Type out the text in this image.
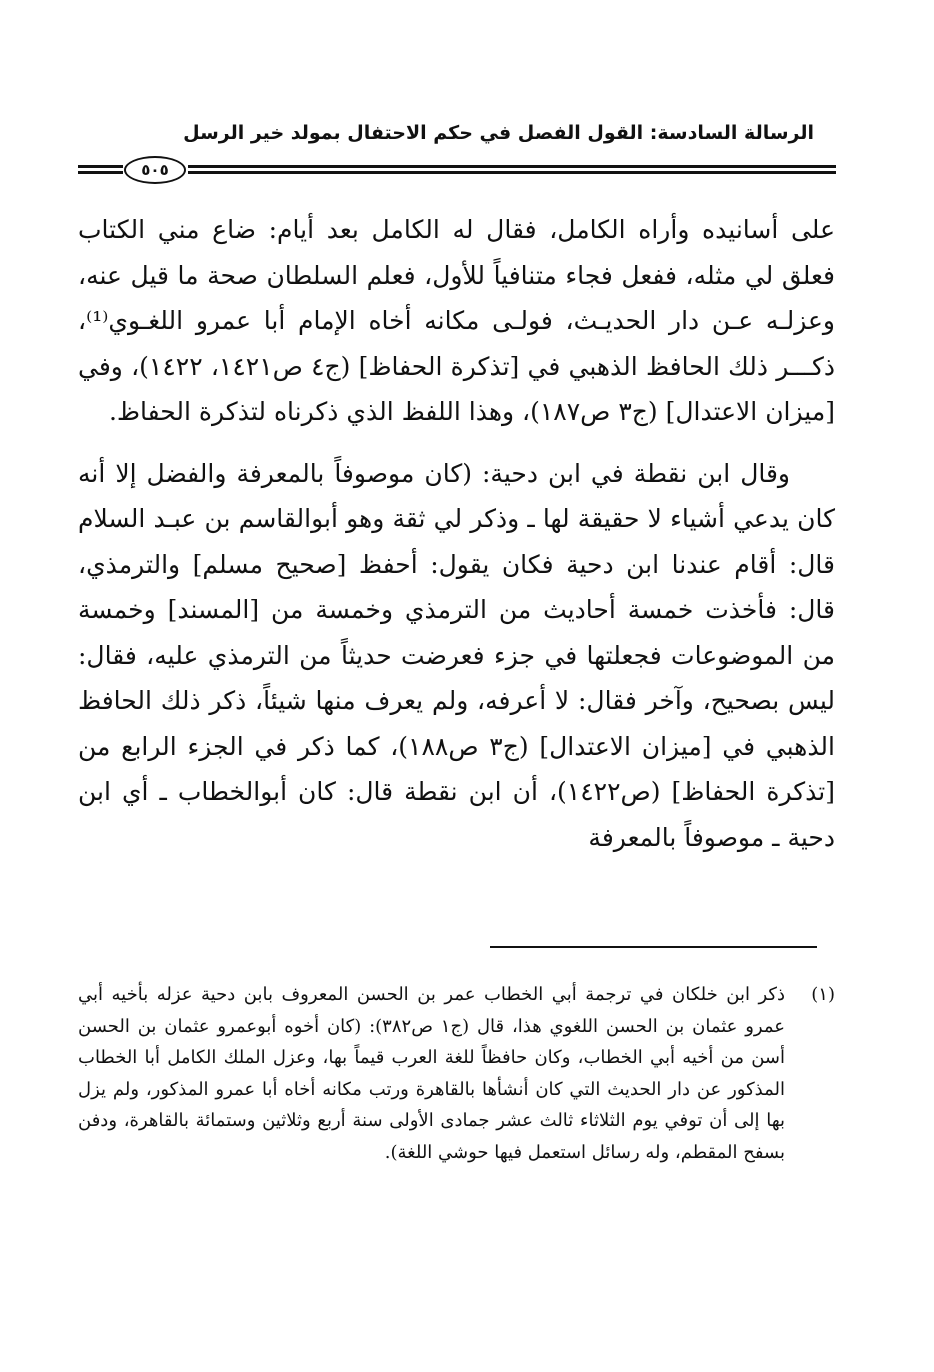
الرسالة السادسة: القول الفصل في حكم الاحتفال بمولد خير الرسل
٥٠٥

على أسانيده وأراه الكامل، فقال له الكامل بعد أيام: ضاع مني الكتاب فعلق لي مثله، ففعل فجاء متنافياً للأول، فعلم السلطان صحة ما قيل عنه، وعزلـه عـن دار الحديـث، فولـى مكانه أخاه الإمام أبا عمرو اللغـوي⁽¹⁾، ذكـــر ذلك الحافظ الذهبي في [تذكرة الحفاظ] (ج٤ ص١٤٢١، ١٤٢٢)، وفي [ميزان الاعتدال] (ج٣ ص١٨٧)، وهذا اللفظ الذي ذكرناه لتذكرة الحفاظ.

وقال ابن نقطة في ابن دحية: (كان موصوفاً بالمعرفة والفضل إلا أنه كان يدعي أشياء لا حقيقة لها ـ وذكر لي ثقة وهو أبوالقاسم بن عبـد السلام قال: أقام عندنا ابن دحية فكان يقول: أحفظ [صحيح مسلم] والترمذي، قال: فأخذت خمسة أحاديث من الترمذي وخمسة من [المسند] وخمسة من الموضوعات فجعلتها في جزء فعرضت حديثاً من الترمذي عليه، فقال: ليس بصحيح، وآخر فقال: لا أعرفه، ولم يعرف منها شيئاً، ذكر ذلك الحافظ الذهبي في [ميزان الاعتدال] (ج٣ ص١٨٨)، كما ذكر في الجزء الرابع من [تذكرة الحفاظ] (ص١٤٢٢)، أن ابن نقطة قال: كان أبوالخطاب ـ أي ابن دحية ـ موصوفاً بالمعرفة

(١)
ذكر ابن خلكان في ترجمة أبي الخطاب عمر بن الحسن المعروف بابن دحية عزله بأخيه أبي عمرو عثمان بن الحسن اللغوي هذا، قال (ج١ ص٣٨٢): (كان أخوه أبوعمرو عثمان بن الحسن أسن من أخيه أبي الخطاب، وكان حافظاً للغة العرب قيماً بها، وعزل الملك الكامل أبا الخطاب المذكور عن دار الحديث التي كان أنشأها بالقاهرة ورتب مكانه أخاه أبا عمرو المذكور، ولم يزل بها إلى أن توفي يوم الثلاثاء ثالث عشر جمادى الأولى سنة أربع وثلاثين وستمائة بالقاهرة، ودفن بسفح المقطم، وله رسائل استعمل فيها حوشي اللغة).
